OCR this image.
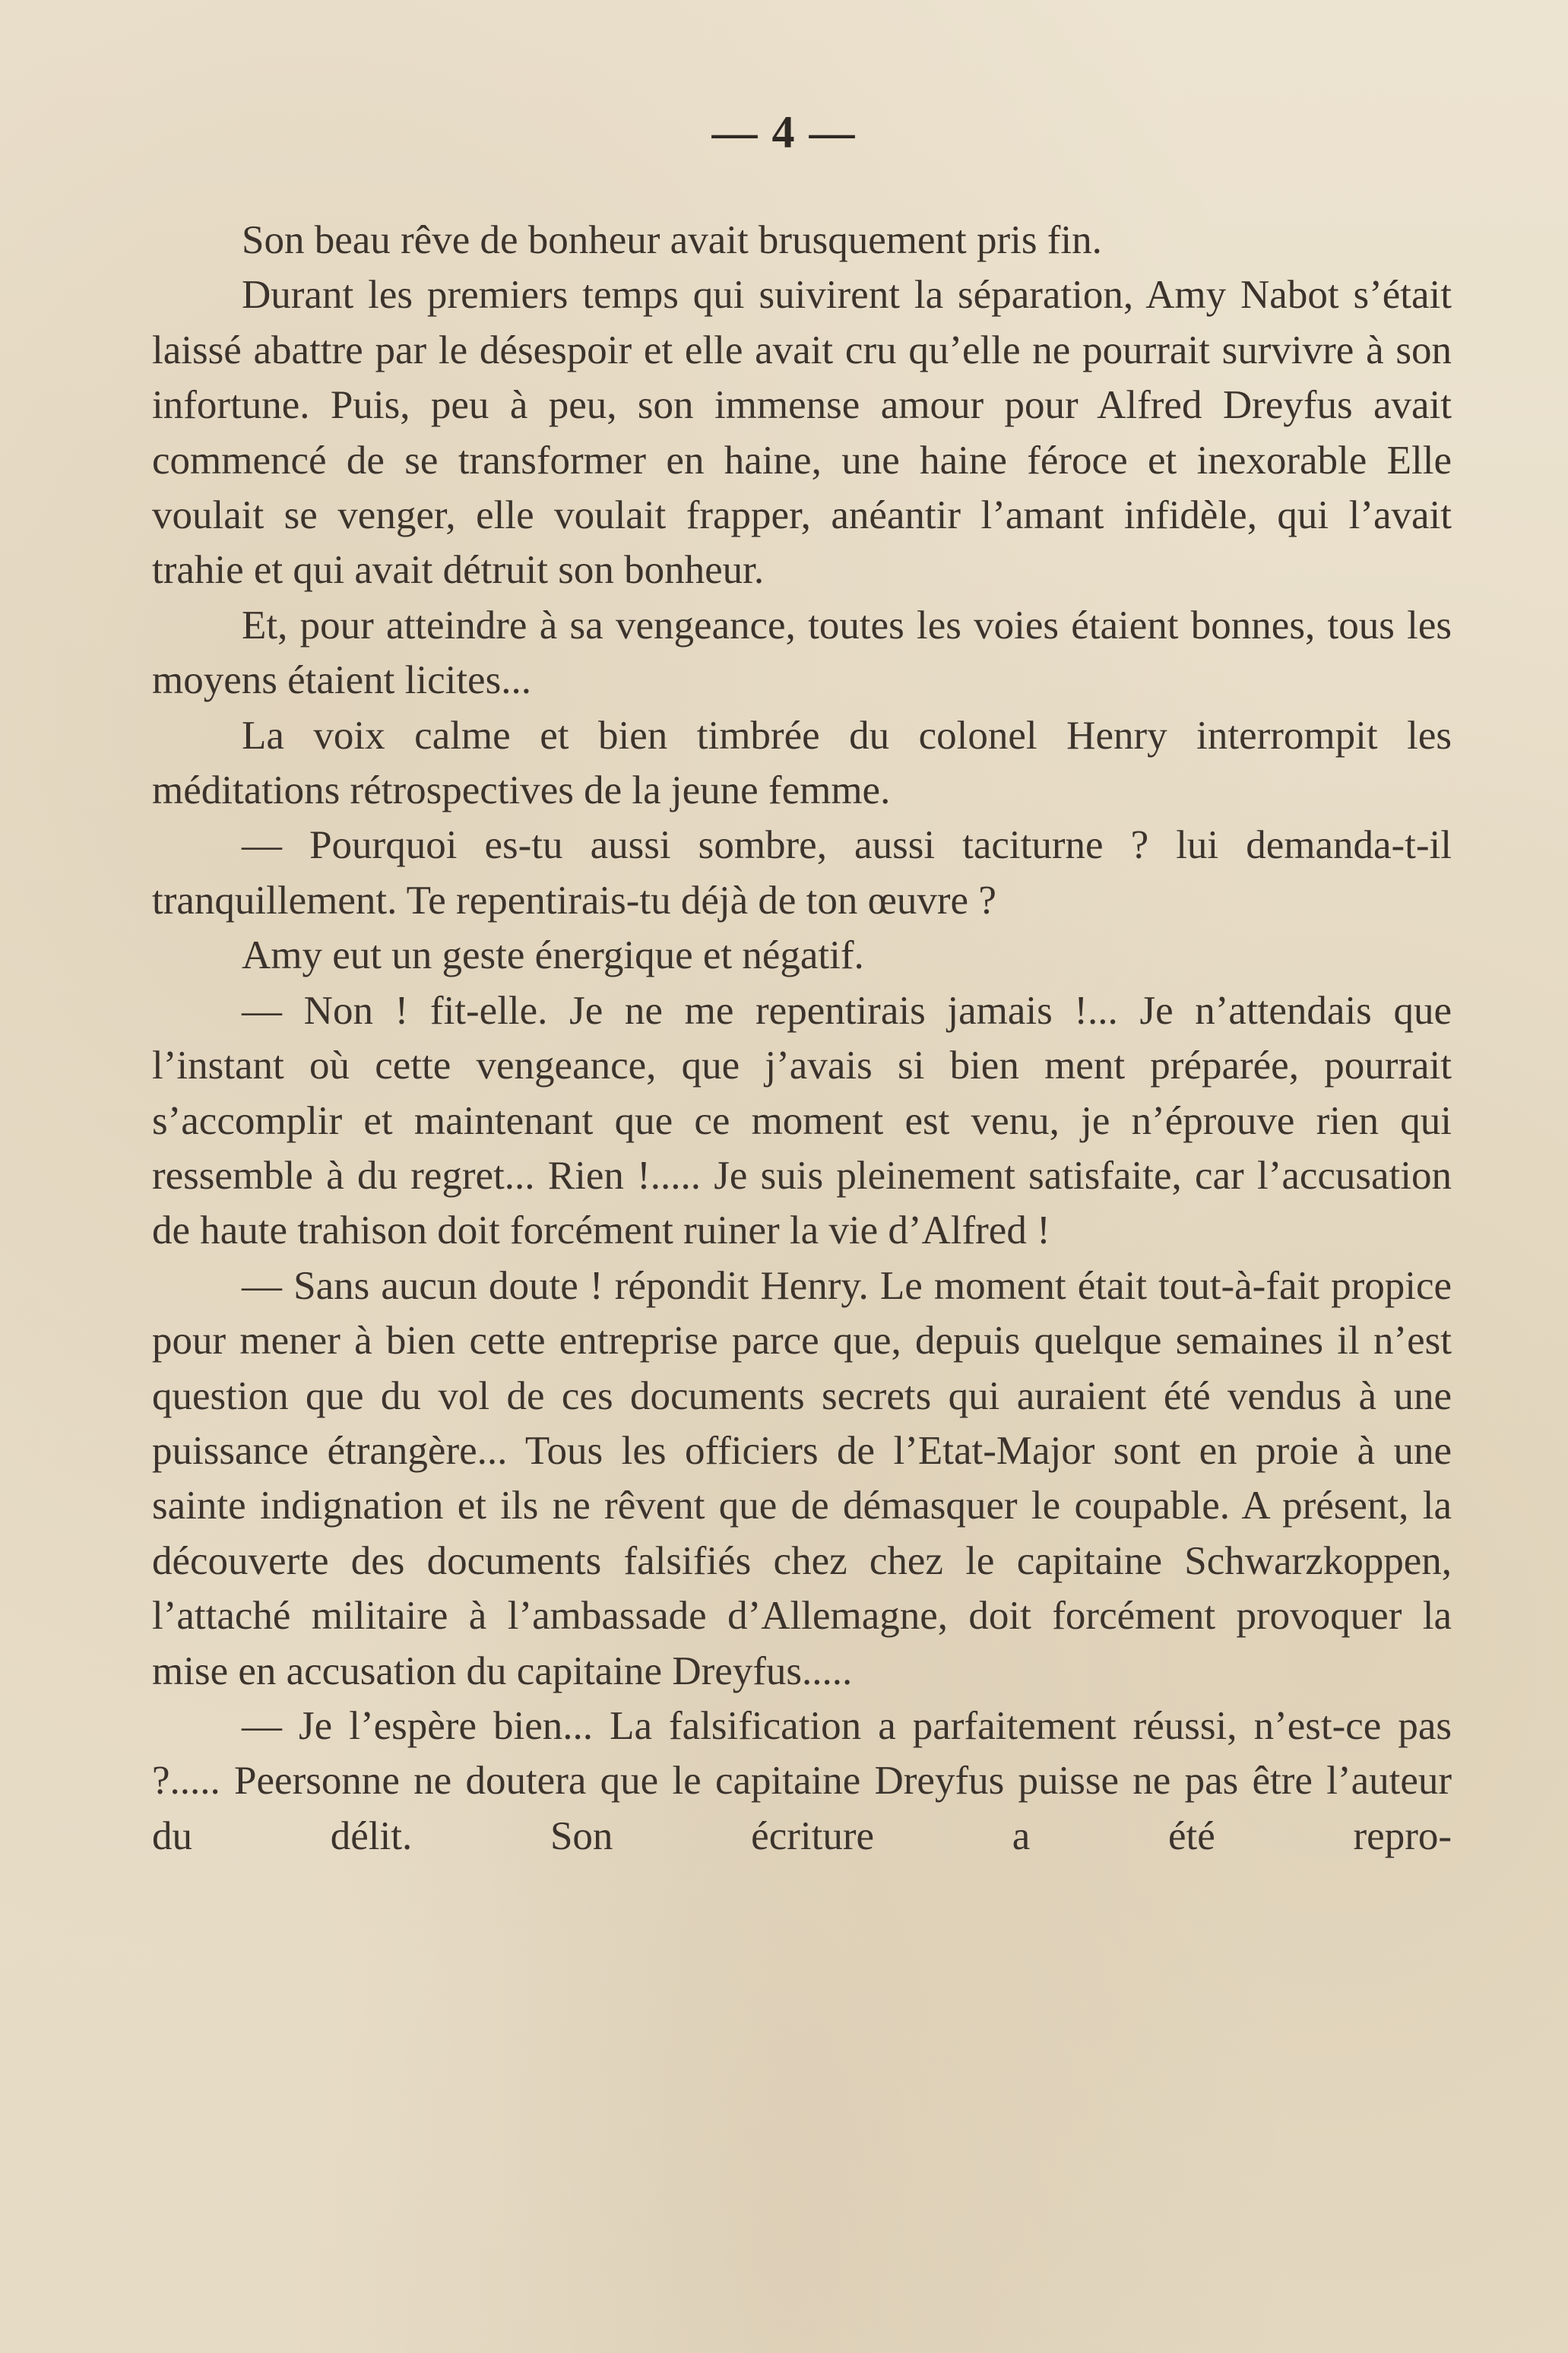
— 4 —

Son beau rêve de bonheur avait brusquement pris fin.

Durant les premiers temps qui suivirent la séparation, Amy Nabot s’était laissé abattre par le désespoir et elle avait cru qu’elle ne pourrait survivre à son infortune. Puis, peu à peu, son immense amour pour Alfred Dreyfus avait commencé de se transformer en haine, une haine féroce et inexorable Elle voulait se venger, elle voulait frapper, anéantir l’amant infidèle, qui l’avait trahie et qui avait détruit son bonheur.

Et, pour atteindre à sa vengeance, toutes les voies étaient bonnes, tous les moyens étaient licites...

La voix calme et bien timbrée du colonel Henry interrompit les méditations rétrospectives de la jeune femme.

— Pourquoi es-tu aussi sombre, aussi taciturne ? lui demanda-t-il tranquillement. Te repentirais-tu déjà de ton œuvre ?

Amy eut un geste énergique et négatif.

— Non ! fit-elle. Je ne me repentirais jamais !... Je n’attendais que l’instant où cette vengeance, que j’avais si bien ment préparée, pourrait s’accomplir et maintenant que ce moment est venu, je n’éprouve rien qui ressemble à du regret... Rien !..... Je suis pleinement satisfaite, car l’accusation de haute trahison doit forcément ruiner la vie d’Alfred !

— Sans aucun doute ! répondit Henry. Le moment était tout-à-fait propice pour mener à bien cette entreprise parce que, depuis quelque semaines il n’est question que du vol de ces documents secrets qui auraient été vendus à une puissance étrangère... Tous les officiers de l’Etat-Major sont en proie à une sainte indignation et ils ne rêvent que de démasquer le coupable. A présent, la découverte des documents falsifiés chez chez le capitaine Schwarzkoppen, l’attaché militaire à l’ambassade d’Allemagne, doit forcément provoquer la mise en accusation du capitaine Dreyfus.....

— Je l’espère bien... La falsification a parfaitement réussi, n’est-ce pas ?..... Peersonne ne doutera que le capitaine Dreyfus puisse ne pas être l’auteur du délit. Son écriture a été repro-
